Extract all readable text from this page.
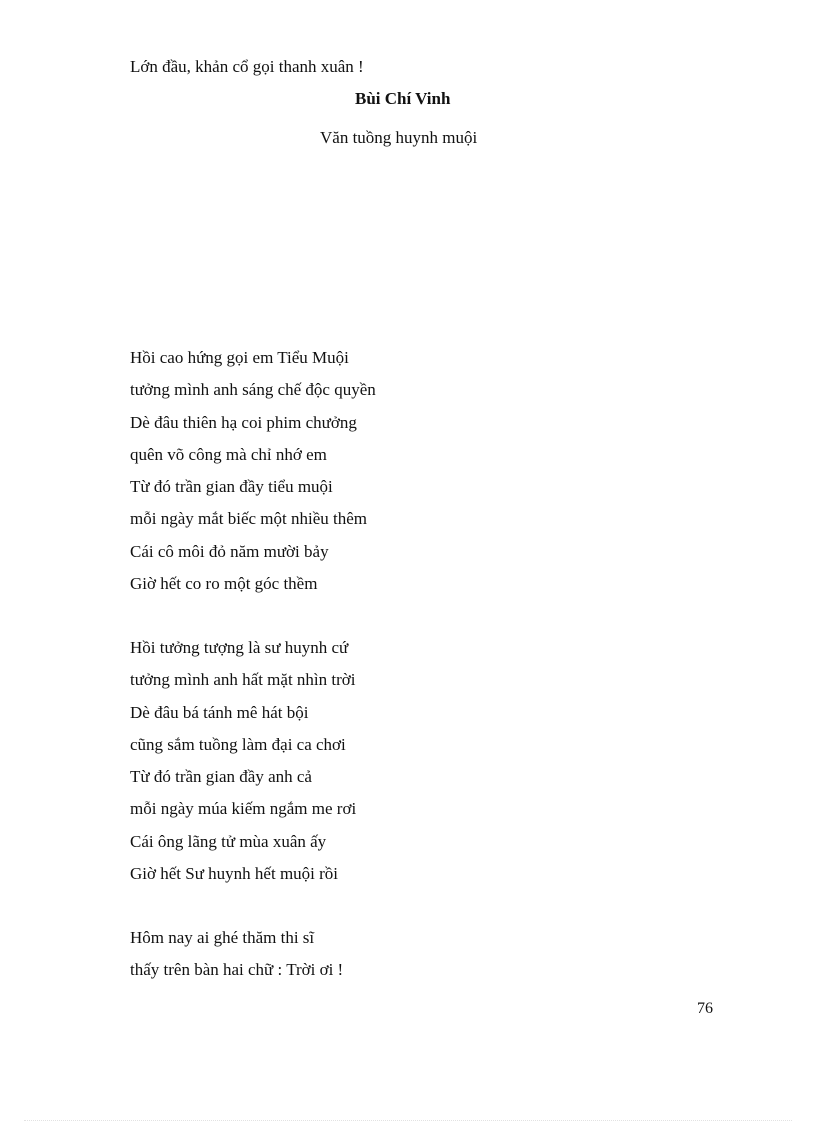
Lớn đầu, khản cổ gọi thanh xuân !
Bùi Chí Vinh
Văn tuồng huynh muội
Hồi cao hứng gọi em Tiểu Muội
tưởng mình anh sáng chế độc quyền
Dè đâu thiên hạ coi phim chưởng
quên võ công mà chỉ nhớ em
Từ đó trần gian đầy tiểu muội
mỗi ngày mắt biếc một nhiều thêm
Cái cô môi đỏ năm mười bảy
Giờ hết co ro một góc thềm
Hồi tưởng tượng là sư huynh cứ
tưởng mình anh hất mặt nhìn trời
Dè đâu bá tánh mê hát bội
cũng sắm tuồng làm đại ca chơi
Từ đó trần gian đầy anh cả
mỗi ngày múa kiếm ngắm me rơi
Cái ông lãng tử mùa xuân ấy
Giờ hết Sư huynh hết muội rồi
Hôm nay ai ghé thăm thi sĩ
thấy trên bàn hai chữ : Trời ơi !
76
